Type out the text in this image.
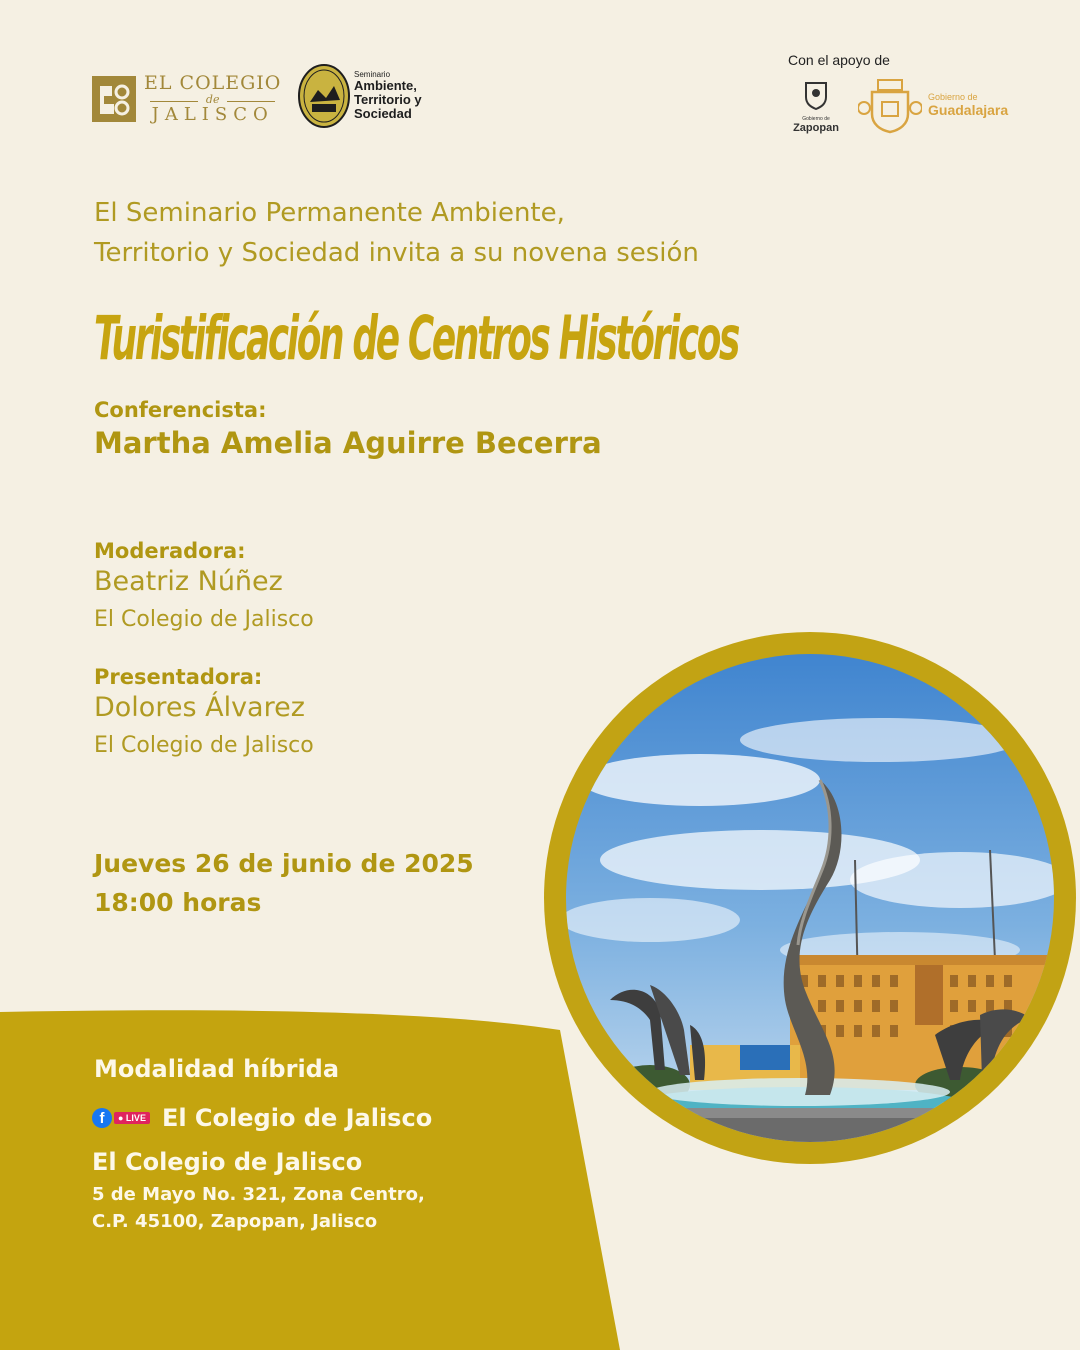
EL COLEGIO
de
JALISCO
Seminario
Ambiente,
Territorio y
Sociedad
Con el apoyo de
Gobierno de
Zapopan
Gobierno de
Guadalajara
El Seminario Permanente Ambiente,
Territorio y Sociedad invita a su novena sesión
Turistificación de Centros Históricos
Conferencista:
Martha Amelia Aguirre Becerra
Moderadora:
Beatriz Núñez
El Colegio de Jalisco
Presentadora:
Dolores Álvarez
El Colegio de Jalisco
Jueves 26 de junio de 2025
18:00 horas
Modalidad híbrida
f	● LIVE El Colegio de Jalisco
El Colegio de Jalisco
5 de Mayo No. 321, Zona Centro,
C.P. 45100, Zapopan, Jalisco
